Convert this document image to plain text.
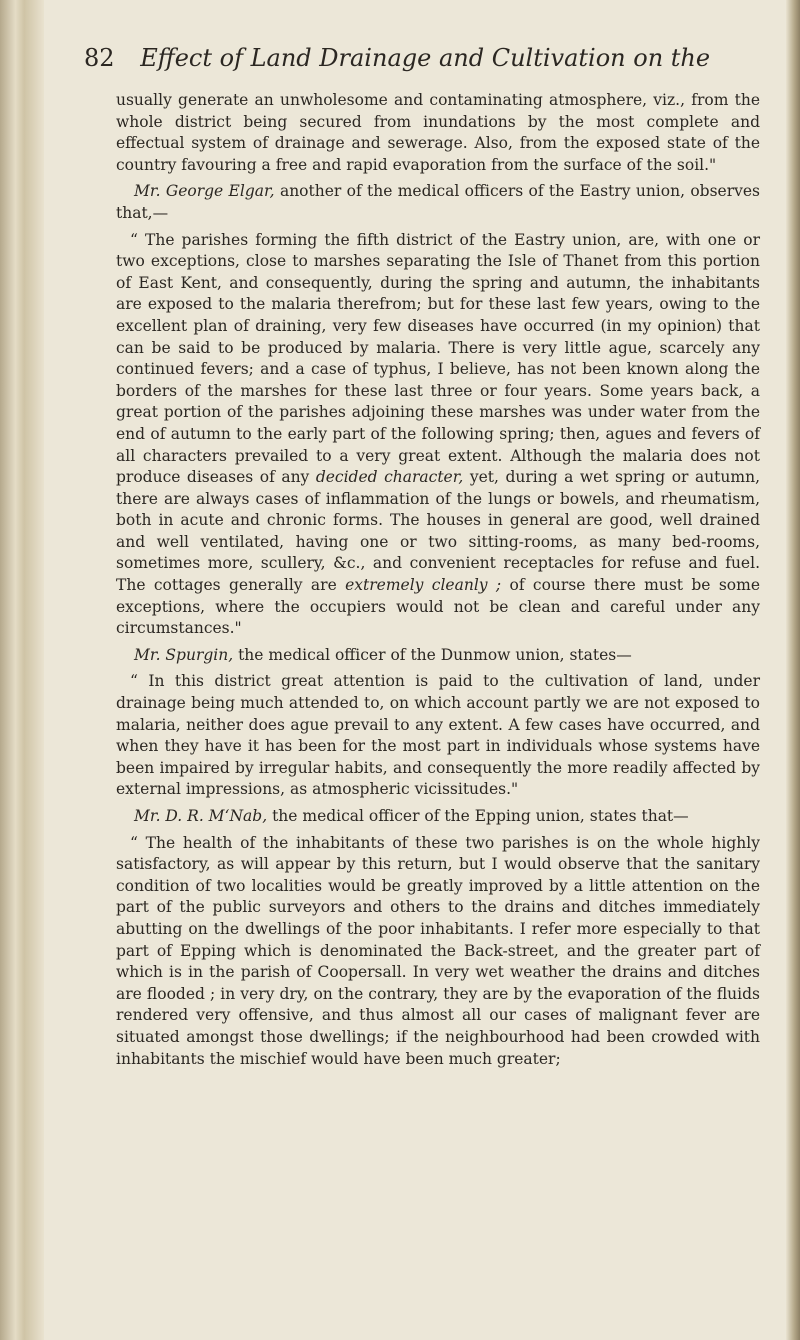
82 Effect of Land Drainage and Cultivation on the

usually generate an unwholesome and contaminating atmosphere, viz., from the whole district being secured from inundations by the most complete and effectual system of drainage and sewerage. Also, from the exposed state of the country favouring a free and rapid evaporation from the surface of the soil."

Mr. George Elgar, another of the medical officers of the Eastry union, observes that,—

“ The parishes forming the fifth district of the Eastry union, are, with one or two exceptions, close to marshes separating the Isle of Thanet from this portion of East Kent, and consequently, during the spring and autumn, the inhabitants are exposed to the malaria therefrom; but for these last few years, owing to the excellent plan of draining, very few diseases have occurred (in my opinion) that can be said to be produced by malaria. There is very little ague, scarcely any continued fevers; and a case of typhus, I believe, has not been known along the borders of the marshes for these last three or four years. Some years back, a great portion of the parishes adjoining these marshes was under water from the end of autumn to the early part of the following spring; then, agues and fevers of all characters prevailed to a very great extent. Although the malaria does not produce diseases of any decided character, yet, during a wet spring or autumn, there are always cases of inflammation of the lungs or bowels, and rheumatism, both in acute and chronic forms. The houses in general are good, well drained and well ventilated, having one or two sitting-rooms, as many bed-rooms, sometimes more, scullery, &c., and convenient receptacles for refuse and fuel. The cottages generally are extremely cleanly ; of course there must be some exceptions, where the occupiers would not be clean and careful under any circumstances."

Mr. Spurgin, the medical officer of the Dunmow union, states—

“ In this district great attention is paid to the cultivation of land, under drainage being much attended to, on which account partly we are not exposed to malaria, neither does ague prevail to any extent. A few cases have occurred, and when they have it has been for the most part in individuals whose systems have been impaired by irregular habits, and consequently the more readily affected by external impressions, as atmospheric vicissitudes."

Mr. D. R. M‘Nab, the medical officer of the Epping union, states that—

“ The health of the inhabitants of these two parishes is on the whole highly satisfactory, as will appear by this return, but I would observe that the sanitary condition of two localities would be greatly improved by a little attention on the part of the public surveyors and others to the drains and ditches immediately abutting on the dwellings of the poor inhabitants. I refer more especially to that part of Epping which is denominated the Back-street, and the greater part of which is in the parish of Coopersall. In very wet weather the drains and ditches are flooded ; in very dry, on the contrary, they are by the evaporation of the fluids rendered very offensive, and thus almost all our cases of malignant fever are situated amongst those dwellings; if the neighbourhood had been crowded with inhabitants the mischief would have been much greater;
